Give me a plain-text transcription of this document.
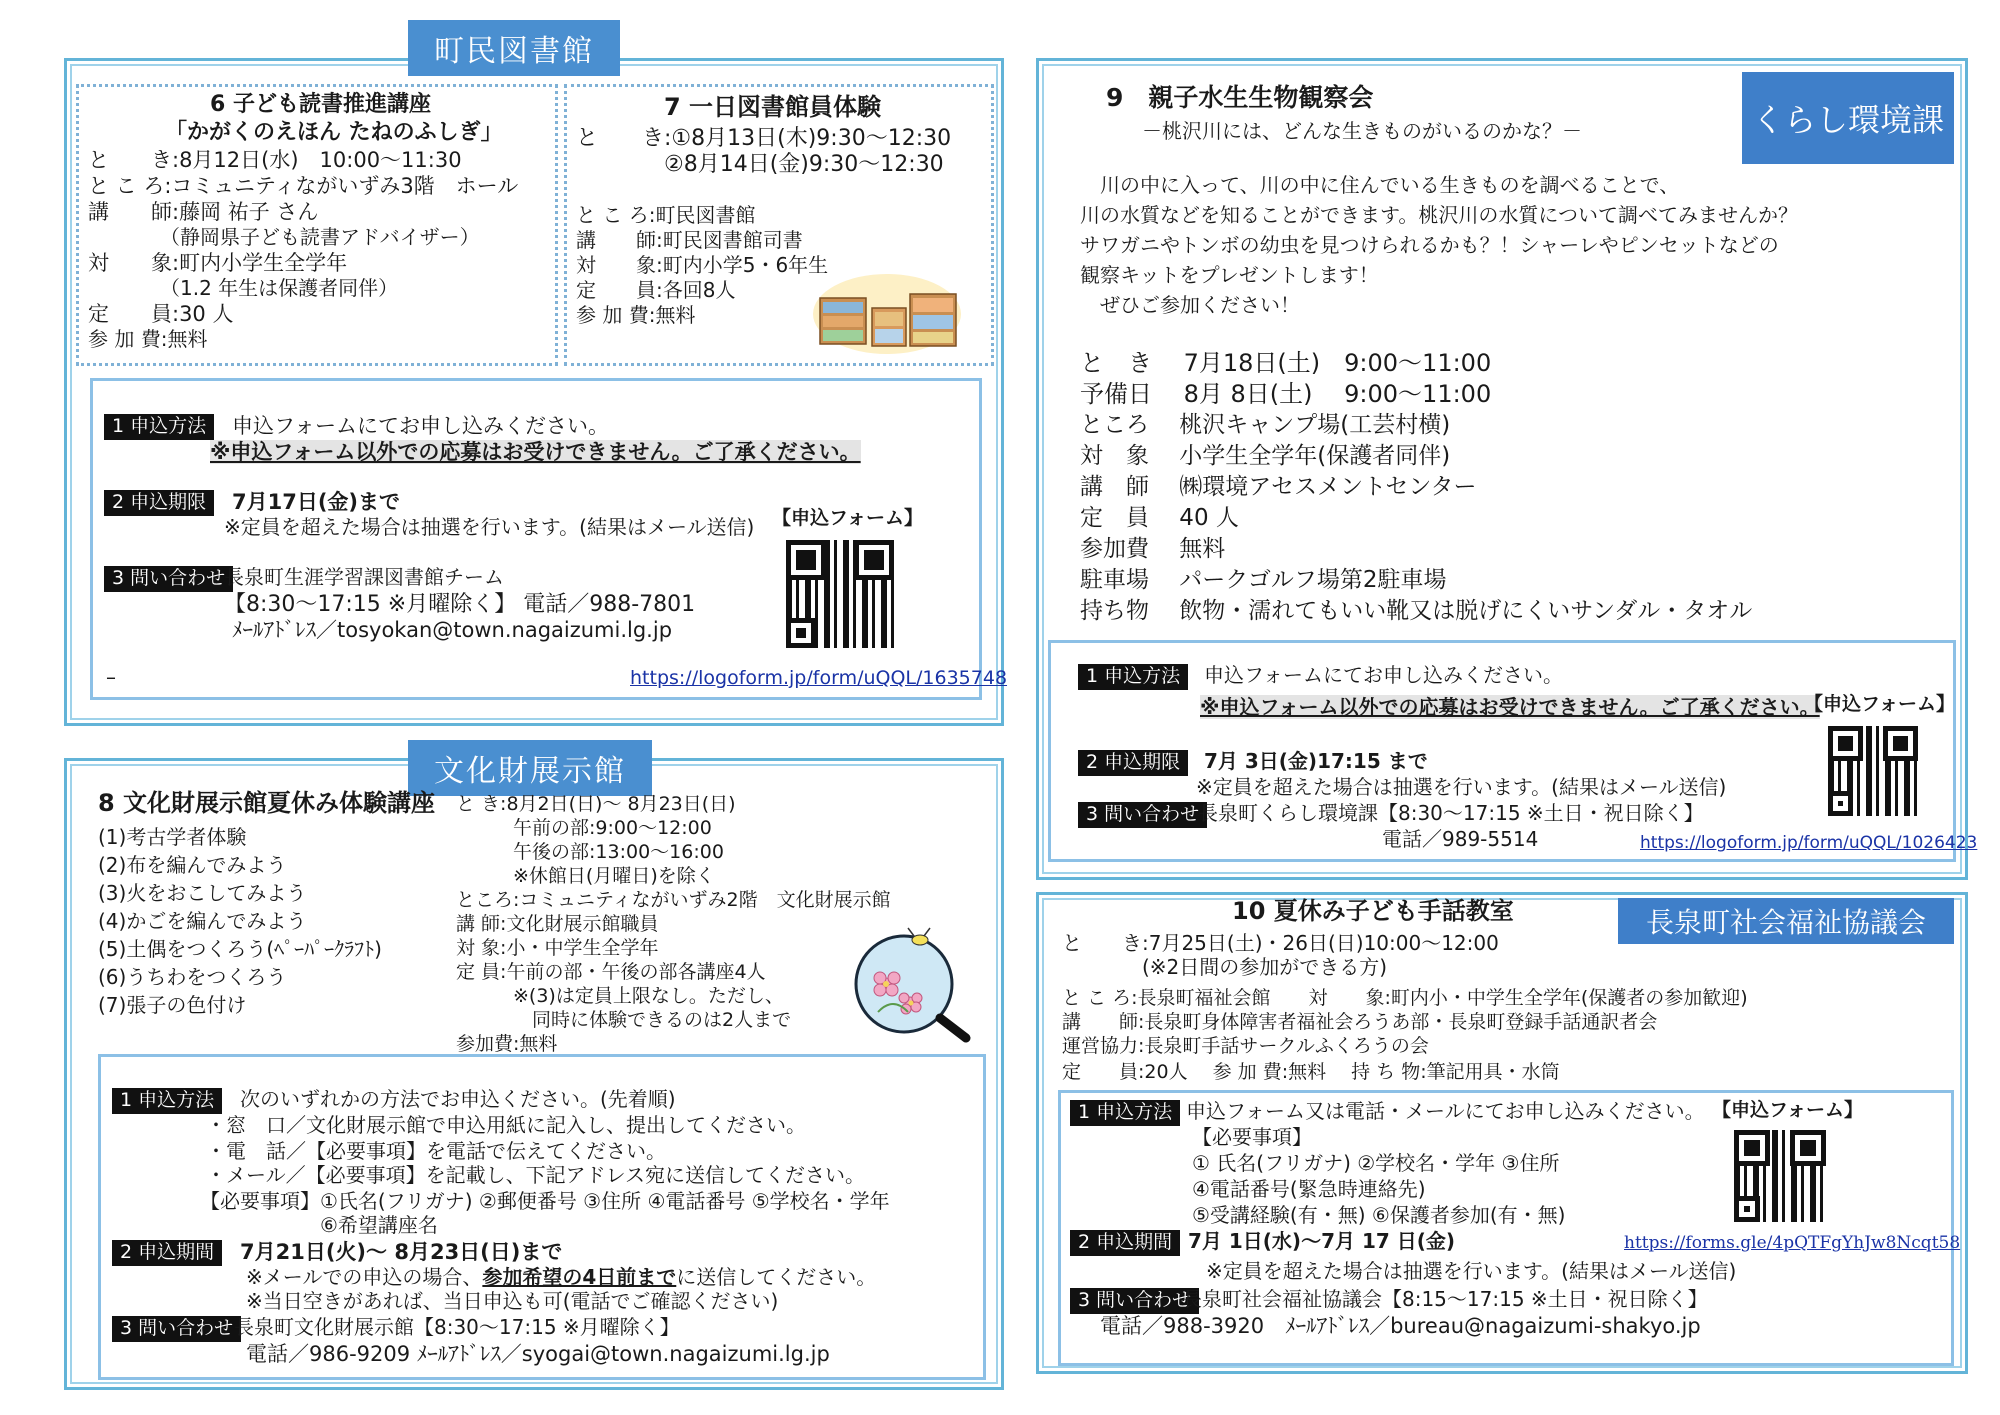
町民図書館
6 子ども読書推進講座
「かがくのえほん たねのふしぎ」
と　　き:8月12日(水)　10:00～11:30
と こ ろ:コミュニティながいずみ3階　ホール
講　　師:藤岡 祐子 さん
　（静岡県子ども読書アドバイザー）
対　　象:町内小学生全学年
　（1.2 年生は保護者同伴）
定　　員:30 人
参 加 費:無料
7 一日図書館員体験
と　　き:①8月13日(木)9:30～12:30
　　　　②8月14日(金)9:30～12:30
と こ ろ:町民図書館
講　　師:町民図書館司書
対　　象:町内小学5・6年生
定　　員:各回8人
参 加 費:無料
1 申込方法	申込フォームにてお申し込みください。
※申込フォーム以外での応募はお受けできません。ご了承ください。
2 申込期限	7月17日(金)まで
※定員を超えた場合は抽選を行います。(結果はメール送信) 【申込フォーム】
3 問い合わせ
長泉町生涯学習課図書館チーム
【8:30～17:15 ※月曜除く】 電話／988-7801
ﾒｰﾙｱﾄﾞﾚｽ／tosyokan@town.nagaizumi.lg.jp
–	https://logoform.jp/form/uQQL/1635748
文化財展示館
8 文化財展示館夏休み体験講座
(1)考古学者体験
(2)布を編んでみよう
(3)火をおこしてみよう
(4)かごを編んでみよう
(5)土偶をつくろう(ﾍﾟｰﾊﾟｰｸﾗﾌﾄ)
(6)うちわをつくろう
(7)張子の色付け
と き:8月2日(日)～ 8月23日(日)
　　　午前の部:9:00～12:00
　　　午後の部:13:00～16:00
　　　※休館日(月曜日)を除く
ところ:コミュニティながいずみ2階　文化財展示館
講 師:文化財展示館職員
対 象:小・中学生全学年
定 員:午前の部・午後の部各講座4人
　　　※(3)は定員上限なし。ただし、
　　　　同時に体験できるのは2人まで
参加費:無料
1 申込方法	次のいずれかの方法でお申込ください。(先着順)
・窓　口／文化財展示館で申込用紙に記入し、提出してください。
・電　話／【必要事項】を電話で伝えてください。
・メール／【必要事項】を記載し、下記アドレス宛に送信してください。
【必要事項】①氏名(フリガナ) ②郵便番号 ③住所 ④電話番号 ⑤学校名・学年
　　　　　　⑥希望講座名
2 申込期間	7月21日(火)～ 8月23日(日)まで
※メールでの申込の場合、参加希望の4日前までに送信してください。
※当日空きがあれば、当日申込も可(電話でご確認ください)
3 問い合わせ 長泉町文化財展示館【8:30～17:15 ※月曜除く】
電話／986-9209 ﾒｰﾙｱﾄﾞﾚｽ／syogai@town.nagaizumi.lg.jp
くらし環境課
9　親子水生生物観察会
－桃沢川には、どんな生きものがいるのかな？－
　川の中に入って、川の中に住んでいる生きものを調べることで、
川の水質などを知ることができます。桃沢川の水質について調べてみませんか？
サワガニやトンボの幼虫を見つけられるかも？！シャーレやピンセットなどの
観察キットをプレゼントします！
　ぜひご参加ください！
と　き　 7月18日(土)　9:00～11:00
予備日　 8月 8日(土)　 9:00～11:00
ところ　 桃沢キャンプ場(工芸村横)
対　象　 小学生全学年(保護者同伴)
講　師　 ㈱環境アセスメントセンター
定　員　 40 人
参加費　 無料
駐車場　 パークゴルフ場第2駐車場
持ち物　 飲物・濡れてもいい靴又は脱げにくいサンダル・タオル
1 申込方法	申込フォームにてお申し込みください。
※申込フォーム以外での応募はお受けできません。ご了承ください。
【申込フォーム】
2 申込期限	7月 3日(金)17:15 まで
※定員を超えた場合は抽選を行います。(結果はメール送信)
3 問い合わせ
長泉町くらし環境課【8:30～17:15 ※土日・祝日除く】
電話／989-5514	https://logoform.jp/form/uQQL/1026423
長泉町社会福祉協議会
10 夏休み子ども手話教室
と　　き:7月25日(土)・26日(日)10:00～12:00
　　　　(※2日間の参加ができる方)
と こ ろ:長泉町福祉会館　　対　　象:町内小・中学生全学年(保護者の参加歓迎)
講　　師:長泉町身体障害者福祉会ろうあ部・長泉町登録手話通訳者会
運営協力:長泉町手話サークルふくろうの会
定　　員:20人　 参 加 費:無料　 持 ち 物:筆記用具・水筒
1 申込方法 申込フォーム又は電話・メールにてお申し込みください。 【申込フォーム】
【必要事項】
① 氏名(フリガナ) ②学校名・学年 ③住所
④電話番号(緊急時連絡先)
⑤受講経験(有・無) ⑥保護者参加(有・無)
2 申込期間 7月 1日(水)～7月 17 日(金)	https://forms.gle/4pQTFgYhJw8Ncqt58
※定員を超えた場合は抽選を行います。(結果はメール送信)
3 問い合わせ
長泉町社会福祉協議会【8:15～17:15 ※土日・祝日除く】
電話／988-3920　ﾒｰﾙｱﾄﾞﾚｽ／bureau@nagaizumi-shakyo.jp
